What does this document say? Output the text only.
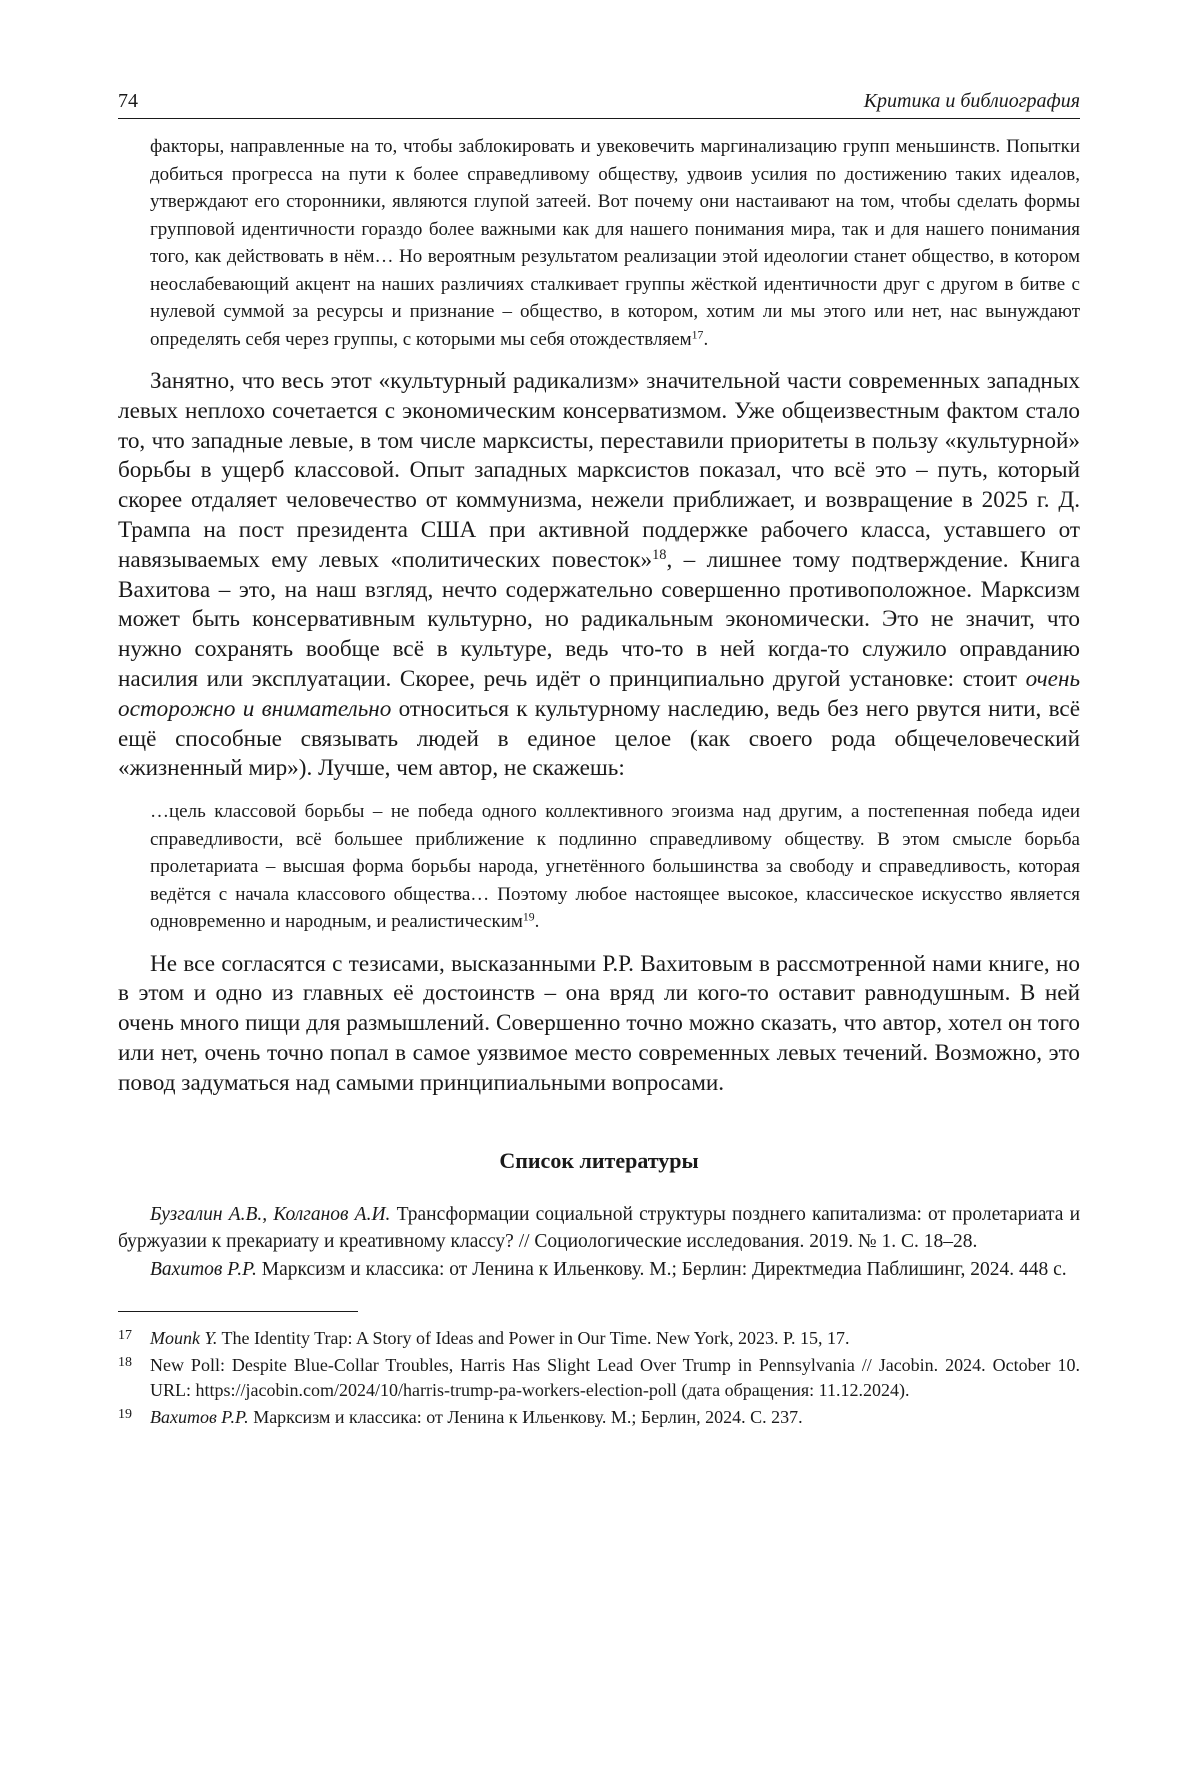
74	Критика и библиография

факторы, направленные на то, чтобы заблокировать и увековечить маргинализацию групп меньшинств. Попытки добиться прогресса на пути к более справедливому обществу, удвоив усилия по достижению таких идеалов, утверждают его сторонники, являются глупой затеей. Вот почему они настаивают на том, чтобы сделать формы групповой идентичности гораздо более важными как для нашего понимания мира, так и для нашего понимания того, как действовать в нём… Но вероятным результатом реализации этой идеологии станет общество, в котором неослабевающий акцент на наших различиях сталкивает группы жёсткой идентичности друг с другом в битве с нулевой суммой за ресурсы и признание – общество, в котором, хотим ли мы этого или нет, нас вынуждают определять себя через группы, с которыми мы себя отождествляем$^{17}$.

Занятно, что весь этот «культурный радикализм» значительной части современных западных левых неплохо сочетается с экономическим консерватизмом. Уже общеизвестным фактом стало то, что западные левые, в том числе марксисты, переставили приоритеты в пользу «культурной» борьбы в ущерб классовой. Опыт западных марксистов показал, что всё это – путь, который скорее отдаляет человечество от коммунизма, нежели приближает, и возвращение в 2025 г. Д. Трампа на пост президента США при активной поддержке рабочего класса, уставшего от навязываемых ему левых «политических повесток»$^{18}$, – лишнее тому подтверждение. Книга Вахитова – это, на наш взгляд, нечто содержательно совершенно противоположное. Марксизм может быть консервативным культурно, но радикальным экономически. Это не значит, что нужно сохранять вообще всё в культуре, ведь что-то в ней когда-то служило оправданию насилия или эксплуатации. Скорее, речь идёт о принципиально другой установке: стоит очень осторожно и внимательно относиться к культурному наследию, ведь без него рвутся нити, всё ещё способные связывать людей в единое целое (как своего рода общечеловеческий «жизненный мир»). Лучше, чем автор, не скажешь:

…цель классовой борьбы – не победа одного коллективного эгоизма над другим, а постепенная победа идеи справедливости, всё большее приближение к подлинно справедливому обществу. В этом смысле борьба пролетариата – высшая форма борьбы народа, угнетённого большинства за свободу и справедливость, которая ведётся с начала классового общества… Поэтому любое настоящее высокое, классическое искусство является одновременно и народным, и реалистическим$^{19}$.

Не все согласятся с тезисами, высказанными Р.Р. Вахитовым в рассмотренной нами книге, но в этом и одно из главных её достоинств – она вряд ли кого-то оставит равнодушным. В ней очень много пищи для размышлений. Совершенно точно можно сказать, что автор, хотел он того или нет, очень точно попал в самое уязвимое место современных левых течений. Возможно, это повод задуматься над самыми принципиальными вопросами.

Список литературы

Бузгалин А.В., Колганов А.И. Трансформации социальной структуры позднего капитализма: от пролетариата и буржуазии к прекариату и креативному классу? // Социологические исследования. 2019. № 1. С. 18–28.

Вахитов Р.Р. Марксизм и классика: от Ленина к Ильенкову. М.; Берлин: Директмедиа Паблишинг, 2024. 448 с.

17	Mounk Y. The Identity Trap: A Story of Ideas and Power in Our Time. New York, 2023. P. 15, 17.
18	New Poll: Despite Blue-Collar Troubles, Harris Has Slight Lead Over Trump in Pennsylvania // Jacobin. 2024. October 10. URL: https://jacobin.com/2024/10/harris-trump-pa-workers-election-poll (дата обращения: 11.12.2024).
19	Вахитов Р.Р. Марксизм и классика: от Ленина к Ильенкову. М.; Берлин, 2024. С. 237.
